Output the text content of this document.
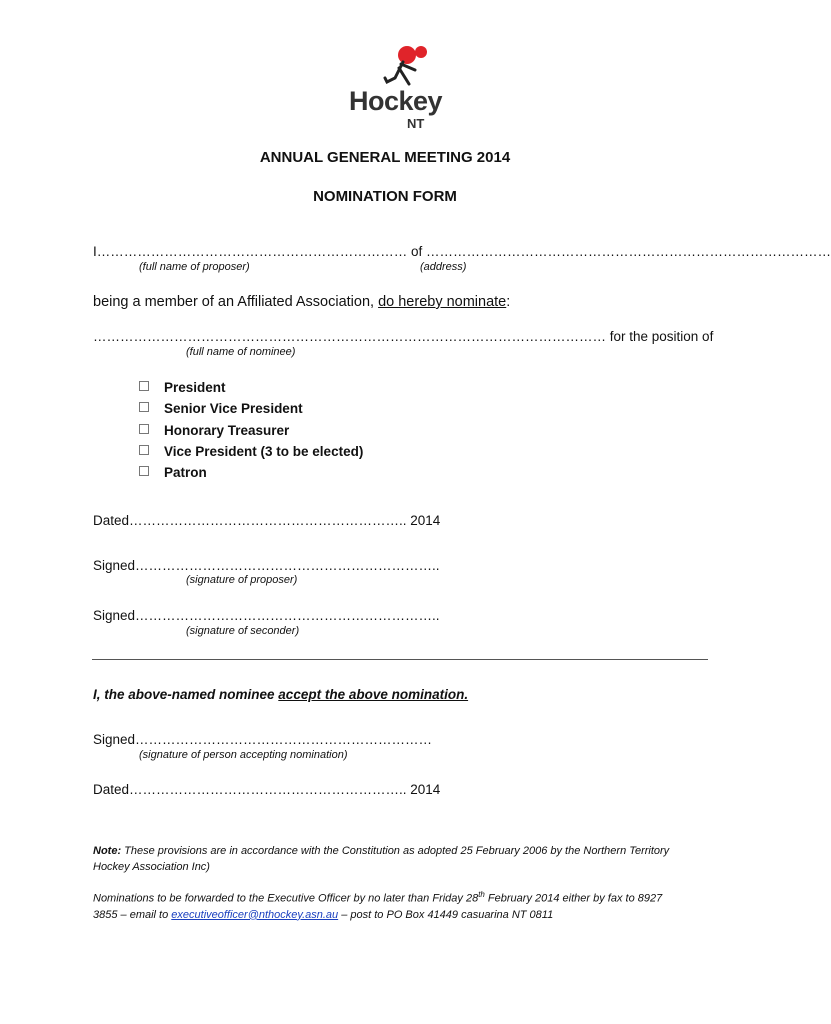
Hockey
NT
ANNUAL GENERAL MEETING 2014
NOMINATION FORM
I…………………………………………………………… of ………………………………………………………………………………
(full name of proposer)	(address)
being a member of an Affiliated Association, do hereby nominate:
…………………………………………………………………………………………………… for the position of
(full name of nominee)
President
Senior Vice President
Honorary Treasurer
Vice President (3 to be elected)
Patron
Dated…………………………………………………….. 2014
Signed…………………………………………………………..
(signature of proposer)
Signed…………………………………………………………..
(signature of seconder)
I, the above-named nominee accept the above nomination.
Signed…………………………………………………………
(signature of person accepting nomination)
Dated…………………………………………………….. 2014
Note: These provisions are in accordance with the Constitution as adopted 25 February 2006 by the Northern Territory Hockey Association Inc)
Nominations to be forwarded to the Executive Officer by no later than Friday 28th February 2014 either by fax to 8927 3855 – email to executiveofficer@nthockey.asn.au – post to PO Box 41449 casuarina NT 0811
